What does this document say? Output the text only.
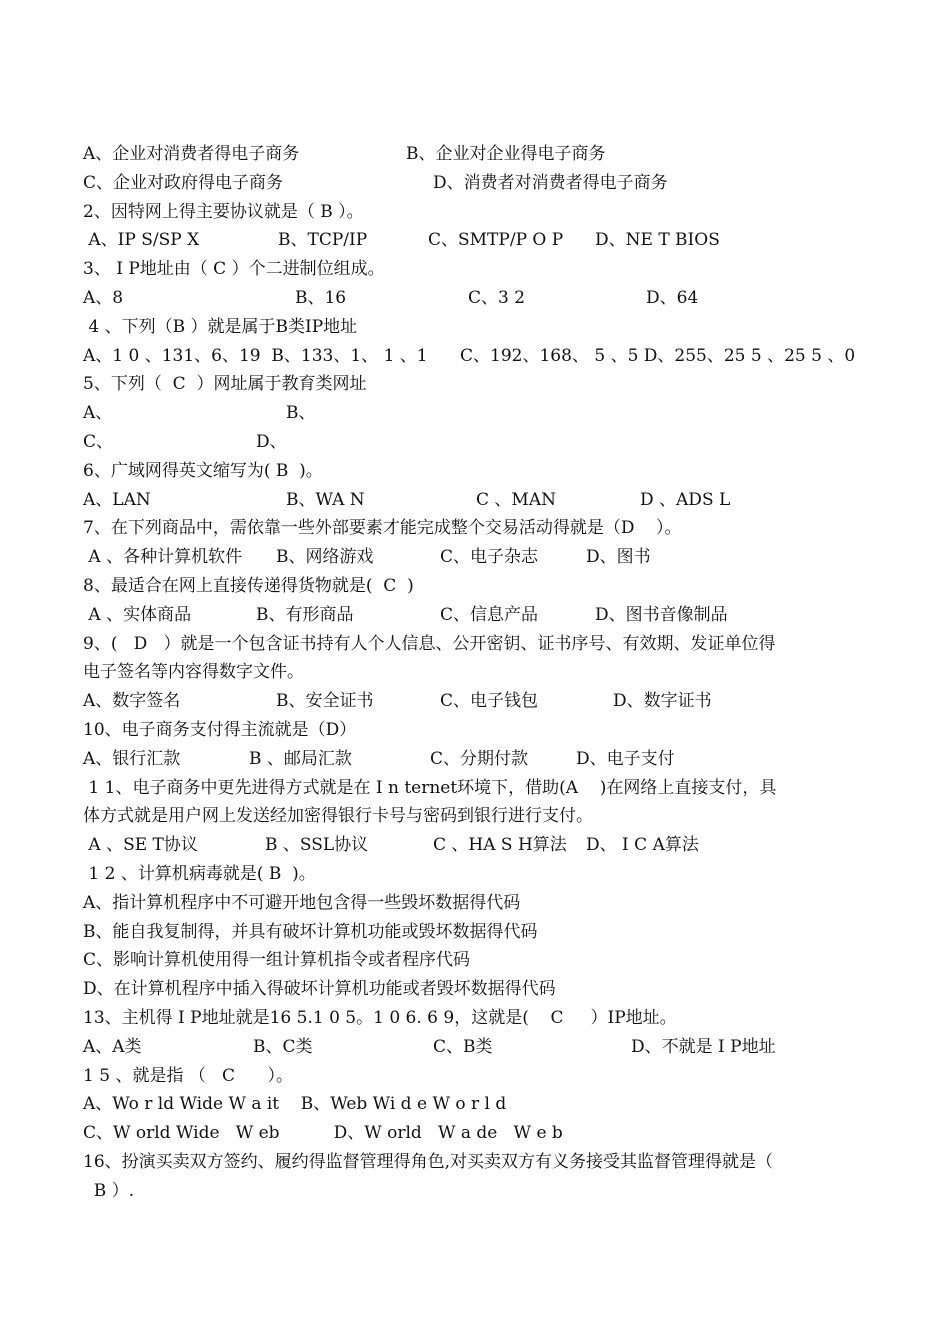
A、企业对消费者得电子商务	B、企业对企业得电子商务
C、企业对政府得电子商务	D、消费者对消费者得电子商务
2、因特网上得主要协议就是（ B ）。
A、IP S/SP X	B、TCP/IP	C、SMTP/P O P D、NE T BIOS
3、 I P地址由（ C ）个二进制位组成。
A、8	B、16	C、3 2	D、64
4 、下列（B ）就是属于B类IP地址
A、1 0 、131、6、19  B、133、1、 1 、1      C、192、168、 5 、5 D、255、25 5 、25 5 、0
5、下列（  C  ）网址属于教育类网址
A、	B、
C、	D、
6、广域网得英文缩写为( B  )。
A、LAN	B、WA N	C 、MAN	D 、ADS L
7、在下列商品中，需依靠一些外部要素才能完成整个交易活动得就是（D    ）。
A 、各种计算机软件 B、网络游戏	C、电子杂志	D、图书
8、最适合在网上直接传递得货物就是(  C  )
A 、实体商品	B、有形商品	C、信息产品	D、图书音像制品
9、(   D   ）就是一个包含证书持有人个人信息、公开密钥、证书序号、有效期、发证单位得
电子签名等内容得数字文件。
A、数字签名	B、安全证书	C、电子钱包	D、数字证书
10、电子商务支付得主流就是（D）
A、银行汇款	B 、邮局汇款	C、分期付款	D、电子支付
1 1、电子商务中更先进得方式就是在 I n ternet环境下，借助(A    )在网络上直接支付，具
体方式就是用户网上发送经加密得银行卡号与密码到银行进行支付。
A 、SE T协议	B 、SSL协议	C 、HA S H算法 D、 I C A算法
1 2 、计算机病毒就是( B  )。
A、指计算机程序中不可避开地包含得一些毁坏数据得代码
B、能自我复制得，并具有破坏计算机功能或毁坏数据得代码
C、影响计算机使用得一组计算机指令或者程序代码
D、在计算机程序中插入得破坏计算机功能或者毁坏数据得代码
13、主机得 I P地址就是16 5.1 0 5。1 0 6. 6 9，这就是(    C     ）IP地址。
A、A类	B、C类	C、B类	D、不就是 I P地址
1 5 、就是指 （   C      ）。
A、Wo r ld Wide W a it    B、Web Wi d e W o r l d
C、W orld Wide   W eb          D、W orld   W a de   W e b
16、扮演买卖双方签约、履约得监督管理得角色,对买卖双方有义务接受其监督管理得就是（
B ）.
